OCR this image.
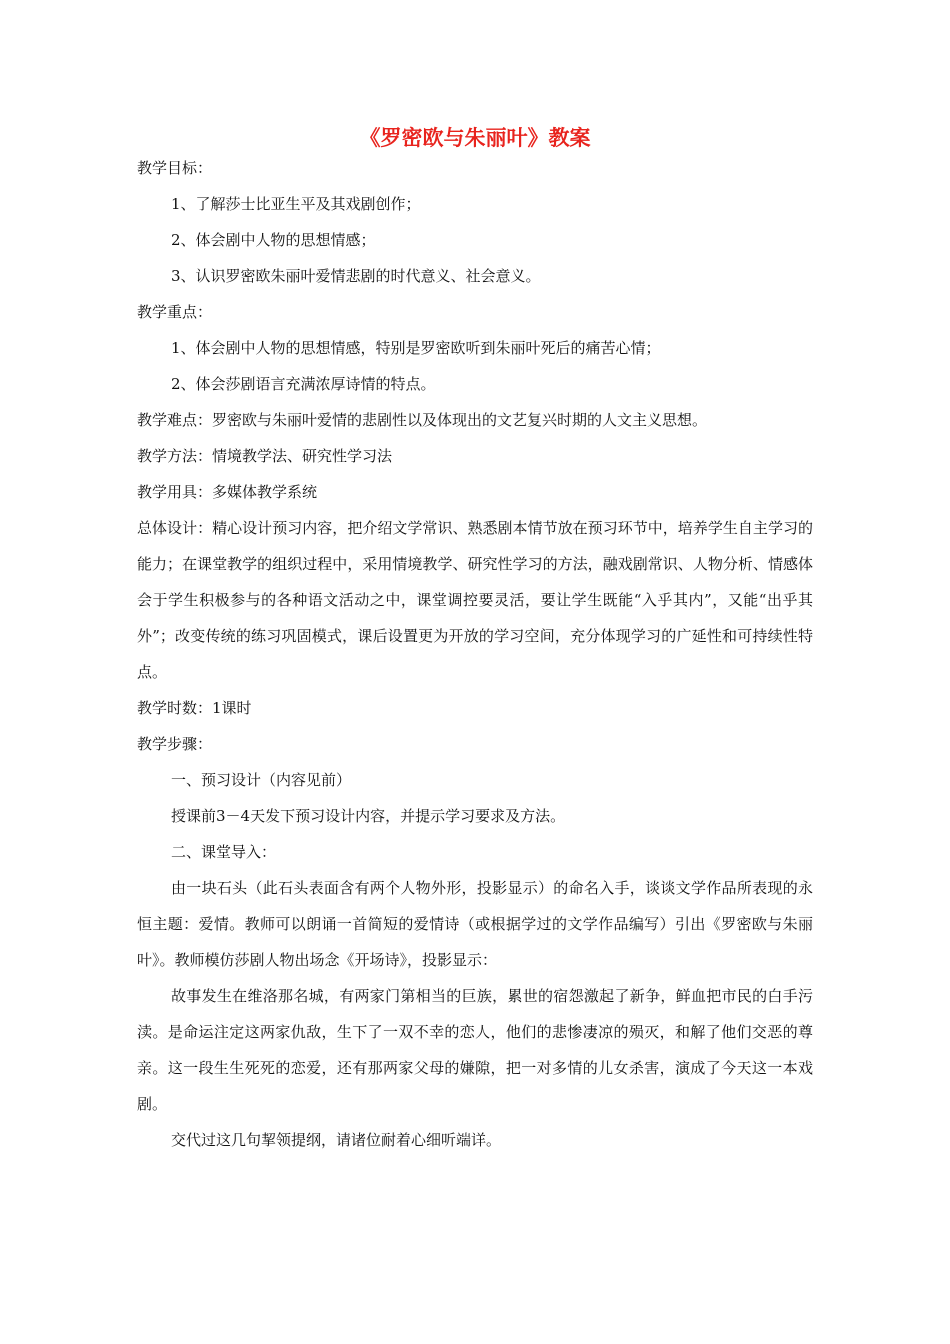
《罗密欧与朱丽叶》教案

教学目标：

1、了解莎士比亚生平及其戏剧创作；

2、体会剧中人物的思想情感；

3、认识罗密欧朱丽叶爱情悲剧的时代意义、社会意义。

教学重点：

1、体会剧中人物的思想情感，特别是罗密欧听到朱丽叶死后的痛苦心情；

2、体会莎剧语言充满浓厚诗情的特点。

教学难点：罗密欧与朱丽叶爱情的悲剧性以及体现出的文艺复兴时期的人文主义思想。

教学方法：情境教学法、研究性学习法

教学用具：多媒体教学系统

总体设计：精心设计预习内容，把介绍文学常识、熟悉剧本情节放在预习环节中，培养学生自主学习的能力；在课堂教学的组织过程中，采用情境教学、研究性学习的方法，融戏剧常识、人物分析、情感体会于学生积极参与的各种语文活动之中，课堂调控要灵活，要让学生既能“入乎其内”，又能“出乎其外”；改变传统的练习巩固模式，课后设置更为开放的学习空间，充分体现学习的广延性和可持续性特点。

教学时数：1课时

教学步骤：

一、预习设计（内容见前）

授课前3－4天发下预习设计内容，并提示学习要求及方法。

二、课堂导入：

由一块石头（此石头表面含有两个人物外形，投影显示）的命名入手，谈谈文学作品所表现的永恒主题：爱情。教师可以朗诵一首简短的爱情诗（或根据学过的文学作品编写）引出《罗密欧与朱丽叶》。教师模仿莎剧人物出场念《开场诗》，投影显示：

故事发生在维洛那名城，有两家门第相当的巨族，累世的宿怨激起了新争，鲜血把市民的白手污渎。是命运注定这两家仇敌，生下了一双不幸的恋人，他们的悲惨凄凉的殒灭，和解了他们交恶的尊亲。这一段生生死死的恋爱，还有那两家父母的嫌隙，把一对多情的儿女杀害，演成了今天这一本戏剧。

交代过这几句挈领提纲，请诸位耐着心细听端详。
